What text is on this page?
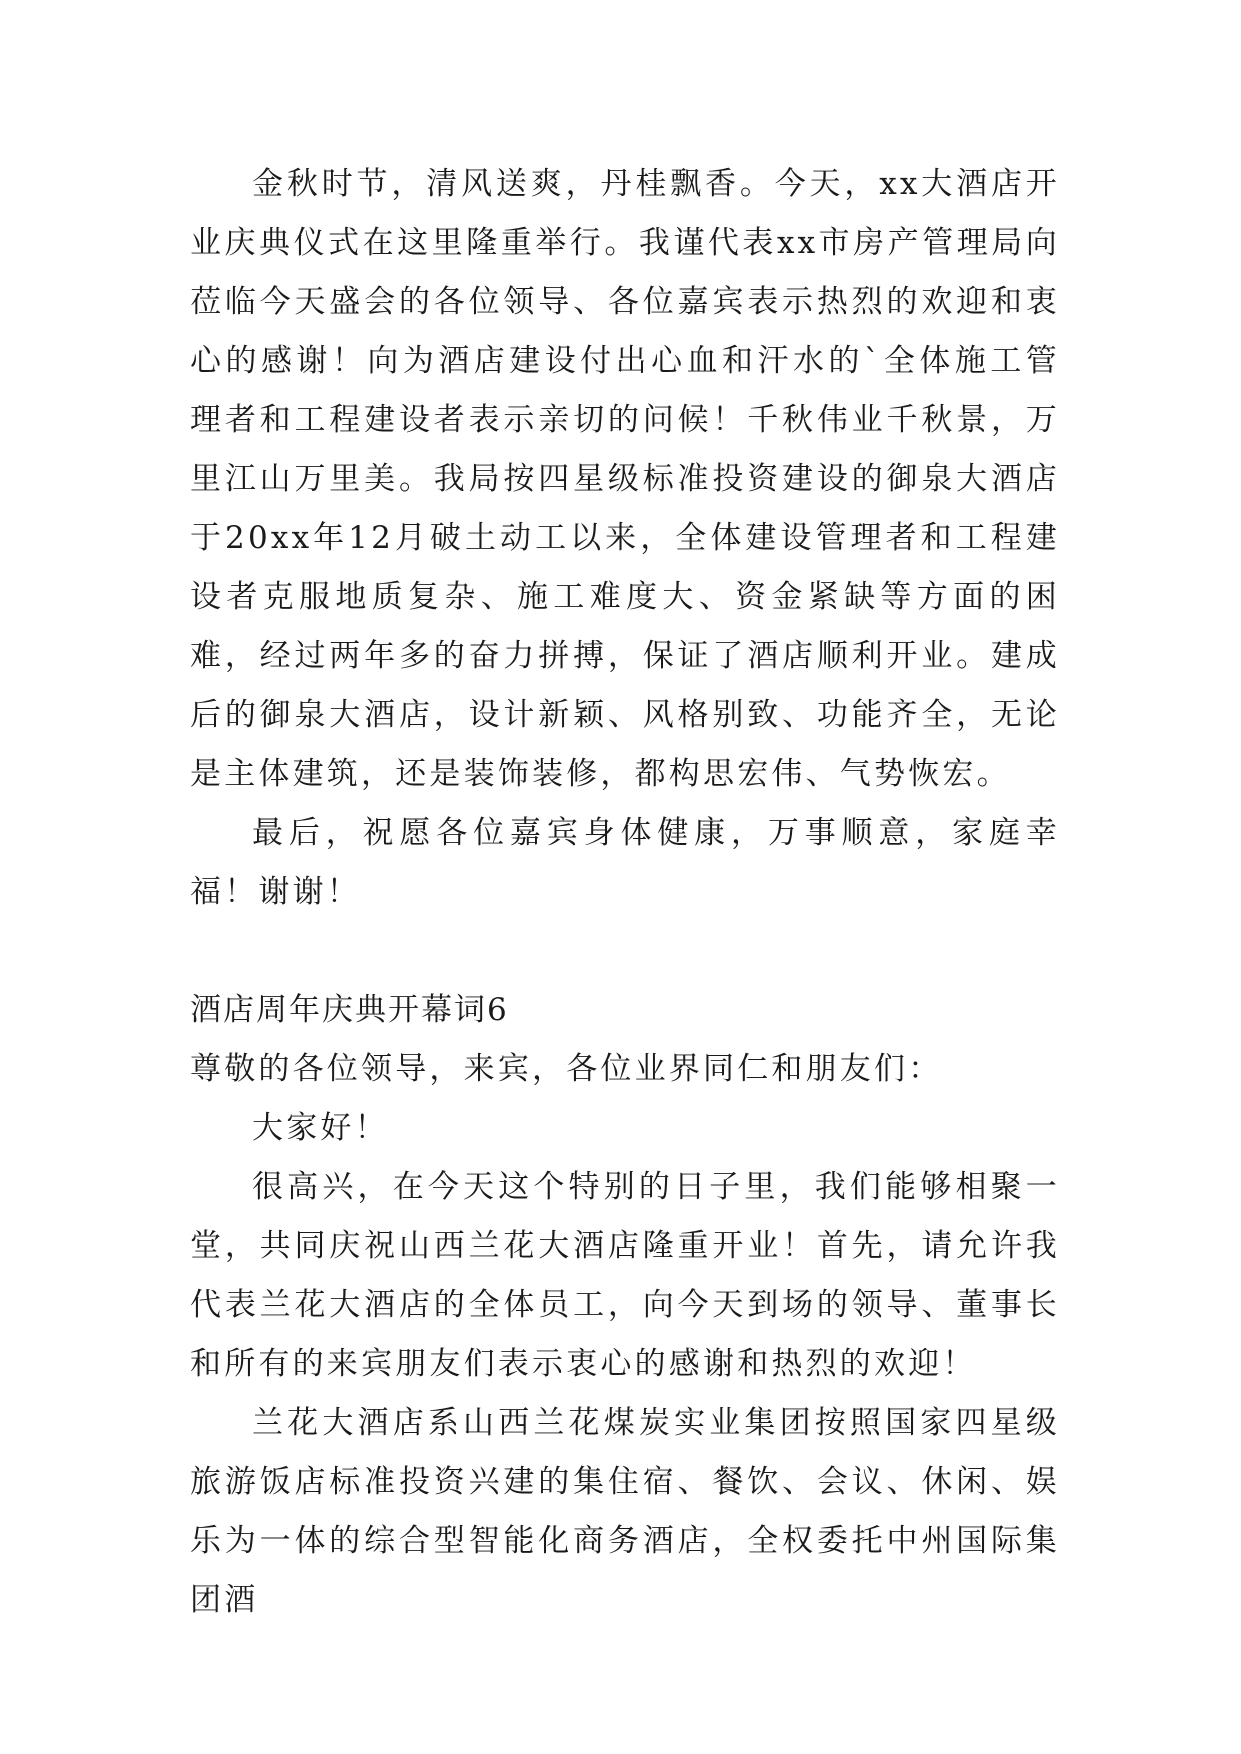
金秋时节，清风送爽，丹桂飘香。今天，xx大酒店开业庆典仪式在这里隆重举行。我谨代表xx市房产管理局向莅临今天盛会的各位领导、各位嘉宾表示热烈的欢迎和衷心的感谢！向为酒店建设付出心血和汗水的`全体施工管理者和工程建设者表示亲切的问候！千秋伟业千秋景，万里江山万里美。我局按四星级标准投资建设的御泉大酒店于20xx年12月破土动工以来，全体建设管理者和工程建设者克服地质复杂、施工难度大、资金紧缺等方面的困难，经过两年多的奋力拼搏，保证了酒店顺利开业。建成后的御泉大酒店，设计新颖、风格别致、功能齐全，无论是主体建筑，还是装饰装修，都构思宏伟、气势恢宏。

最后，祝愿各位嘉宾身体健康，万事顺意，家庭幸福！谢谢！

酒店周年庆典开幕词6

尊敬的各位领导，来宾，各位业界同仁和朋友们：

大家好！

很高兴，在今天这个特别的日子里，我们能够相聚一堂，共同庆祝山西兰花大酒店隆重开业！首先，请允许我代表兰花大酒店的全体员工，向今天到场的领导、董事长和所有的来宾朋友们表示衷心的感谢和热烈的欢迎！

兰花大酒店系山西兰花煤炭实业集团按照国家四星级旅游饭店标准投资兴建的集住宿、餐饮、会议、休闲、娱乐为一体的综合型智能化商务酒店，全权委托中州国际集团酒
